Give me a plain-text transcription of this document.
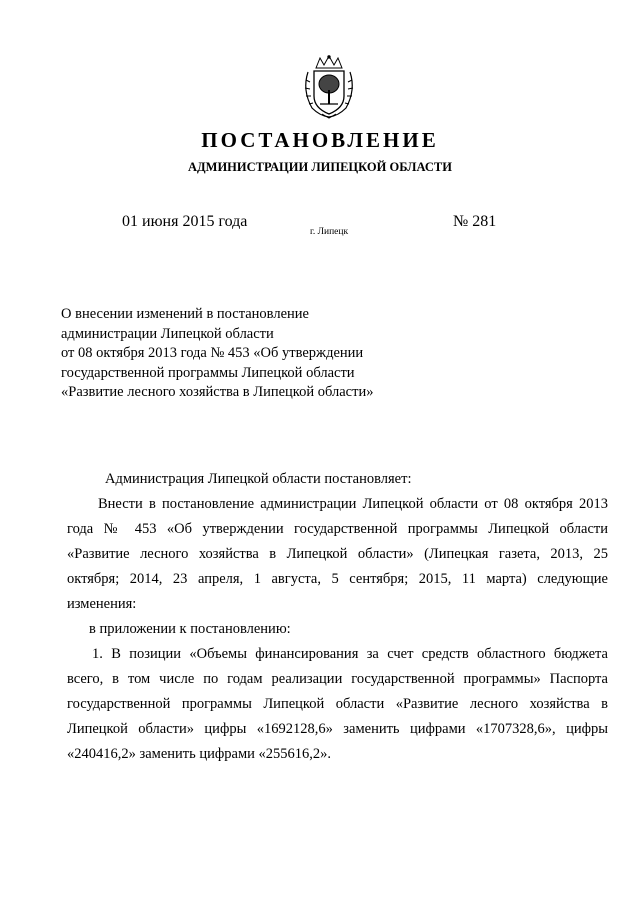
ПОСТАНОВЛЕНИЕ
АДМИНИСТРАЦИИ ЛИПЕЦКОЙ ОБЛАСТИ
01 июня 2015 года
г. Липецк
№ 281
О внесении изменений в постановление
администрации Липецкой области
от 08 октября 2013 года № 453 «Об утверждении
государственной программы Липецкой области
«Развитие лесного хозяйства в Липецкой области»
Администрация Липецкой области постановляет:
Внести в постановление администрации Липецкой области от 08 октября 2013
года № 453 «Об утверждении государственной программы Липецкой области
«Развитие лесного хозяйства в Липецкой области» (Липецкая газета, 2013, 25
октября; 2014, 23 апреля, 1 августа, 5 сентября; 2015, 11 марта) следующие
изменения:
в приложении к постановлению:
1. В позиции «Объемы финансирования за счет средств областного бюджета
всего, в том числе по годам реализации государственной программы» Паспорта
государственной программы Липецкой области «Развитие лесного хозяйства в
Липецкой области» цифры «1692128,6» заменить цифрами «1707328,6», цифры
«240416,2» заменить цифрами «255616,2».
